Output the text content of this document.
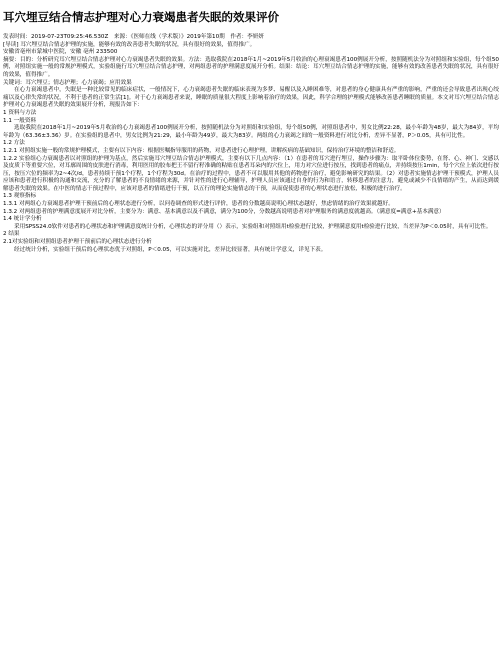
耳穴埋豆结合情志护理对心力衰竭患者失眠的效果评价

发表时间：2019-07-23T09:25:46.530Z　来源：《医师在线（学术版）》2019年第10期　作者：李妍妍

[导读] 耳穴埋豆结合情志护理的实施，能够有效的改善患者失眠的状况，具有很好的效果，值得推广。

安徽省亳州市蒙城中医院，安徽 亳州 233500

摘要：目的：分析研究耳穴埋豆结合情志护理对心力衰竭患者失眠的效果。方法：选取我院在2018年1月~2019年5月收治的心理衰竭患者100例展开分析，按照随机法分为对照组和实验组，每个组50例，对照组实施一般的常规护理模式，实验组施行耳穴埋豆结合情志护理，对两组患者的护理满意度展开分析。结果：结论：耳穴埋豆结合情志护理的实施，能够有效的改善患者失眠的状况，具有很好的效果，值得推广。

关键词：耳穴埋豆；情志护理；心力衰竭；应用效果

在心力衰竭患者中，失眠是一种比较常见的临床症状，一般情况下，心力衰竭患者失眠的临床表现为多梦、易醒以及入睡困难等，对患者的身心健康具有严重的影响，严重的还会导致患者出现心绞痛以及心律失常的状况，不利于患者的正常生活[1]。对于心力衰竭患者来说，睡眠的质量很大程度上影响着治疗的效果，因此，科学合理的护理模式能够改善患者睡眠的质量。本文对耳穴埋豆结合情志护理对心力衰竭患者失眠的效果展开分析，现报告如下：

1 资料与方法

1.1 一般资料

选取我院在2018年1月~2019年5月收治的心力衰竭患者100例展开分析，按照随机法分为对照组和实验组，每个组50例，对照组患者中，男女比例22:28，最小年龄为48岁，最大为84岁，平均年龄为（63.36±3.36）岁。在实验组的患者中，男女比例为21:29，最小年龄为49岁，最大为83岁。两组的心力衰竭之间的一般资料进行对比分析，差异不显著，P＞0.05，具有可比性。

1.2 方法

1.2.1 对照组实施一般的常规护理模式，主要有以下内容：根据医嘱指导服用的药物，对患者进行心理护理，讲解疾病的基础知识，保持治疗环境的整洁和舒适。

1.2.2 实验组心力衰竭患者以对照组的护理为基点，然后实施耳穴埋豆结合情志护理模式，主要有以下几点内容：（1）在患者的耳穴进行埋豆，操作步骤为：取平卧体位姿势，在肾、心、神门、交感以及皮质下等重要穴位，对耳廓周围的皮肤进行消毒，利用医用的胶布把王不留行籽准确的粘贴在患者耳朵内的穴位上，用力对穴位进行按压，找到患者的痛点，并持续按压1min，每个穴位上依次进行按压，按压穴位的频率为2~4次/d，患者持续干预1个疗程，1个疗程为30d。在治疗的过程中，患者不可以服用其他的药物进行治疗，避免影响研究的结果。（2）对患者实施情志护理干预模式，护理人员应该和患者进行积极的沟通和交流，充分的了解患者的不良情绪的来源，并针对性的进行心理辅导，护理人员应该通过自身的行为和语言，转移患者的注意力，避免或减少不良情绪的产生，从而达到缓解患者失眠的效果。在中医的情志干预过程中，应该对患者的情绪进行干预，以五行的理论实施情志的干预，从而促使患者的心理状态进行放松，积极的进行治疗。

1.3 观察指标

1.3.1 对两组心力衰竭患者护理干预前后的心理状态进行分析，以问卷调查的形式进行评价，患者的分数越高说明心理状态越好，焦虑情绪的治疗效果就越好。

1.3.2 对两组患者的护理满意度展开对比分析，主要分为：满意、基本满意以及不满意，满分为100分，分数越高说明患者对护理服务的满意度就越高。（满意度=满意+基本满意）

1.4 统计学分析

采用SPSS24.0软件对患者的心理状态和护理满意度统计分析，心理状态的评分用（）表示，实验组和对照组用t检验进行比较，护理满意度用t检验进行比较，当差异为P＜0.05时，具有可比性。

2 结果

2.1对实验组和对照组患者护理干预前后的心理状态进行分析

经过统计分析，实验组干预后的心理状态优于对照组，P＜0.05，可以实施对比，差异比较显著，具有统计学意义，详见下表。
